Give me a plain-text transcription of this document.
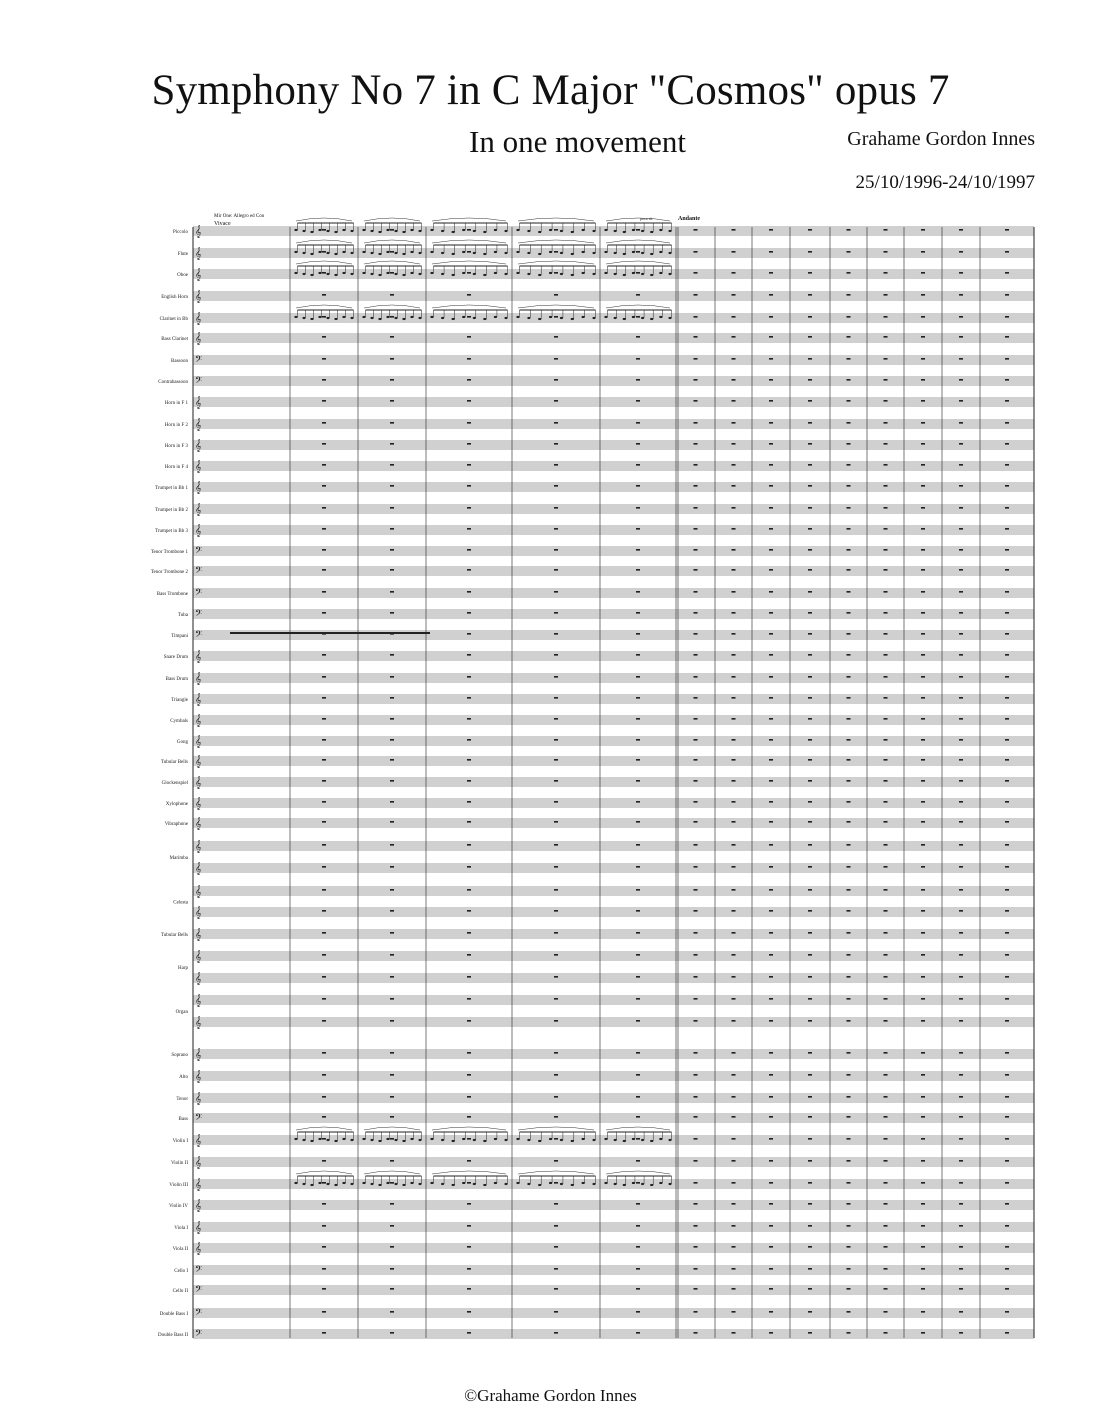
Symphony No 7 in C Major "Cosmos" opus 7
In one movement	Grahame Gordon Innes
25/10/1996-24/10/1997
Mir One: Allegro ed Con
Vivace
poco rit.	Andante
𝄞
Piccolo
𝄞
Flute
𝄞
Oboe
𝄞
English Horn
𝄞
Clarinet in Bb
𝄞
Bass Clarinet
𝄢
Bassoon
𝄢
Contrabassoon
𝄞
Horn in F 1
𝄞
Horn in F 2
𝄞
Horn in F 3
𝄞
Horn in F 4
𝄞
Trumpet in Bb 1
𝄞
Trumpet in Bb 2
𝄞
Trumpet in Bb 3
𝄢
Tenor Trombone 1
𝄢
Tenor Trombone 2
𝄢
Bass Trombone
𝄢
Tuba
𝄢
Timpani
𝄞
Snare Drum
𝄞
Bass Drum
𝄞
Triangle
𝄞
Cymbals
𝄞
Gong
𝄞
Tubular Bells
𝄞
Glockenspiel
𝄞
Xylophone
𝄞
Vibraphone
𝄞
𝄞
Marimba
𝄞
𝄞
Celesta
𝄞
Tubular Bells
𝄞
𝄞
Harp
𝄞
𝄞
Organ
𝄞
Soprano
𝄞
Alto
𝄞
Tenor
𝄢
Bass
𝄞
Violin I
𝄞
Violin II
𝄞
Violin III
𝄞
Violin IV
𝄞
Viola I
𝄞
Viola II
𝄢
Cello I
𝄢
Cello II
𝄢
Double Bass I
𝄢
Double Bass II
©Grahame Gordon Innes
